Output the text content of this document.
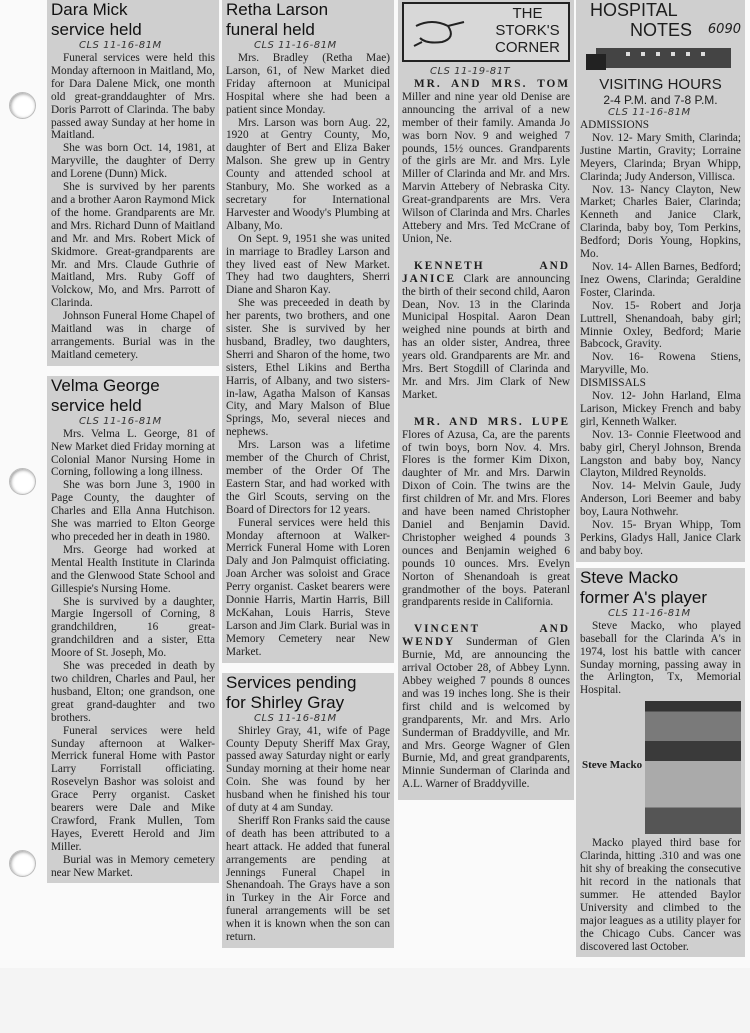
Dara Mick
service held
CLS 11-16-81M

Funeral services were held this Monday afternoon in Maitland, Mo, for Dara Dalene Mick, one month old great-granddaughter of Mrs. Doris Parrott of Clarinda. The baby passed away Sunday at her home in Maitland.

She was born Oct. 14, 1981, at Maryville, the daughter of Derry and Lorene (Dunn) Mick.

She is survived by her parents and a brother Aaron Raymond Mick of the home. Grandparents are Mr. and Mrs. Richard Dunn of Maitland and Mr. and Mrs. Robert Mick of Skidmore. Great-grandparents are Mr. and Mrs. Claude Guthrie of Maitland, Mrs. Ruby Goff of Volckow, Mo, and Mrs. Parrott of Clarinda.

Johnson Funeral Home Chapel of Maitland was in charge of arrangements. Burial was in the Maitland cemetery.

Velma George
service held
CLS 11-16-81M

Mrs. Velma L. George, 81 of New Market died Friday morning at Colonial Manor Nursing Home in Corning, following a long illness.

She was born June 3, 1900 in Page County, the daughter of Charles and Ella Anna Hutchison. She was married to Elton George who preceded her in death in 1980.

Mrs. George had worked at Mental Health Institute in Clarinda and the Glenwood State School and Gillespie's Nursing Home.

She is survived by a daughter, Margie Ingersoll of Corning, 8 grandchildren, 16 great-grandchildren and a sister, Etta Moore of St. Joseph, Mo.

She was preceded in death by two children, Charles and Paul, her husband, Elton; one grandson, one great grand-daughter and two brothers.

Funeral services were held Sunday afternoon at Walker-Merrick funeral Home with Pastor Larry Forristall officiating. Rosevelyn Bashor was soloist and Grace Perry organist. Casket bearers were Dale and Mike Crawford, Frank Mullen, Tom Hayes, Everett Herold and Jim Miller.

Burial was in Memory cemetery near New Market.

Retha Larson
funeral held
CLS 11-16-81M

Mrs. Bradley (Retha Mae) Larson, 61, of New Market died Friday afternoon at Municipal Hospital where she had been a patient since Monday.

Mrs. Larson was born Aug. 22, 1920 at Gentry County, Mo, daughter of Bert and Eliza Baker Malson. She grew up in Gentry County and attended school at Stanbury, Mo. She worked as a secretary for International Harvester and Woody's Plumbing at Albany, Mo.

On Sept. 9, 1951 she was united in marriage to Bradley Larson and they lived east of New Market. They had two daughters, Sherri Diane and Sharon Kay.

She was preceeded in death by her parents, two brothers, and one sister. She is survived by her husband, Bradley, two daughters, Sherri and Sharon of the home, two sisters, Ethel Likins and Bertha Harris, of Albany, and two sisters-in-law, Agatha Malson of Kansas City, and Mary Malson of Blue Springs, Mo, several nieces and nephews.

Mrs. Larson was a lifetime member of the Church of Christ, member of the Order Of The Eastern Star, and had worked with the Girl Scouts, serving on the Board of Directors for 12 years.

Funeral services were held this Monday afternoon at Walker-Merrick Funeral Home with Loren Daly and Jon Palmquist officiating. Joan Archer was soloist and Grace Perry organist. Casket bearers were Donnie Harris, Martin Harris, Bill McKahan, Louis Harris, Steve Larson and Jim Clark. Burial was in Memory Cemetery near New Market.

Services pending
for Shirley Gray
CLS 11-16-81M

Shirley Gray, 41, wife of Page County Deputy Sheriff Max Gray, passed away Saturday night or early Sunday morning at their home near Coin. She was found by her husband when he finished his tour of duty at 4 am Sunday.

Sheriff Ron Franks said the cause of death has been attributed to a heart attack. He added that funeral arrangements are pending at Jennings Funeral Chapel in Shenandoah. The Grays have a son in Turkey in the Air Force and funeral arrangements will be set when it is known when the son can return.

THE
STORK'S
CORNER
CLS 11-19-81T

MR. AND MRS. TOM Miller and nine year old Denise are announcing the arrival of a new member of their family. Amanda Jo was born Nov. 9 and weighed 7 pounds, 15½ ounces. Grandparents of the girls are Mr. and Mrs. Lyle Miller of Clarinda and Mr. and Mrs. Marvin Attebery of Nebraska City. Great-grandparents are Mrs. Vera Wilson of Clarinda and Mrs. Charles Attebery and Mrs. Ted McCrane of Union, Ne.

KENNETH AND JANICE Clark are announcing the birth of their second child, Aaron Dean, Nov. 13 in the Clarinda Municipal Hospital. Aaron Dean weighed nine pounds at birth and has an older sister, Andrea, three years old. Grandparents are Mr. and Mrs. Bert Stogdill of Clarinda and Mr. and Mrs. Jim Clark of New Market.

MR. AND MRS. LUPE Flores of Azusa, Ca, are the parents of twin boys, born Nov. 4. Mrs. Flores is the former Kim Dixon, daughter of Mr. and Mrs. Darwin Dixon of Coin. The twins are the first children of Mr. and Mrs. Flores and have been named Christopher Daniel and Benjamin David. Christopher weighed 4 pounds 3 ounces and Benjamin weighed 6 pounds 10 ounces. Mrs. Evelyn Norton of Shenandoah is great grandmother of the boys. Pateranl grandparents reside in California.

VINCENT AND WENDY Sunderman of Glen Burnie, Md, are announcing the arrival October 28, of Abbey Lynn. Abbey weighed 7 pounds 8 ounces and was 19 inches long. She is their first child and is welcomed by grandparents, Mr. and Mrs. Arlo Sunderman of Braddyville, and Mr. and Mrs. George Wagner of Glen Burnie, Md, and great grandparents, Minnie Sunderman of Clarinda and A.L. Warner of Braddyville.

6090
HOSPITAL
NOTES
VISITING HOURS
2-4 P.M. and 7-8 P.M.
CLS 11-16-81M
ADMISSIONS

Nov. 12- Mary Smith, Clarinda; Justine Martin, Gravity; Lorraine Meyers, Clarinda; Bryan Whipp, Clarinda; Judy Anderson, Villisca.

Nov. 13- Nancy Clayton, New Market; Charles Baier, Clarinda; Kenneth and Janice Clark, Clarinda, baby boy, Tom Perkins, Bedford; Doris Young, Hopkins, Mo.

Nov. 14- Allen Barnes, Bedford; Inez Owens, Clarinda; Geraldine Foster, Clarinda.

Nov. 15- Robert and Jorja Luttrell, Shenandoah, baby girl; Minnie Oxley, Bedford; Marie Babcock, Gravity.

Nov. 16- Rowena Stiens, Maryville, Mo.

DISMISSALS

Nov. 12- John Harland, Elma Larison, Mickey French and baby girl, Kenneth Walker.

Nov. 13- Connie Fleetwood and baby girl, Cheryl Johnson, Brenda Langston and baby boy, Nancy Clayton, Mildred Reynolds.

Nov. 14- Melvin Gaule, Judy Anderson, Lori Beemer and baby boy, Laura Nothwehr.

Nov. 15- Bryan Whipp, Tom Perkins, Gladys Hall, Janice Clark and baby boy.

Steve Macko
former A's player
CLS 11-16-81M

Steve Macko, who played baseball for the Clarinda A's in 1974, lost his battle with cancer Sunday morning, passing away in the Arlington, Tx, Memorial Hospital.

Steve Macko

Macko played third base for Clarinda, hitting .310 and was one hit shy of breaking the consecutive hit record in the nationals that summer. He attended Baylor University and climbed to the major leagues as a utility player for the Chicago Cubs. Cancer was discovered last October.
